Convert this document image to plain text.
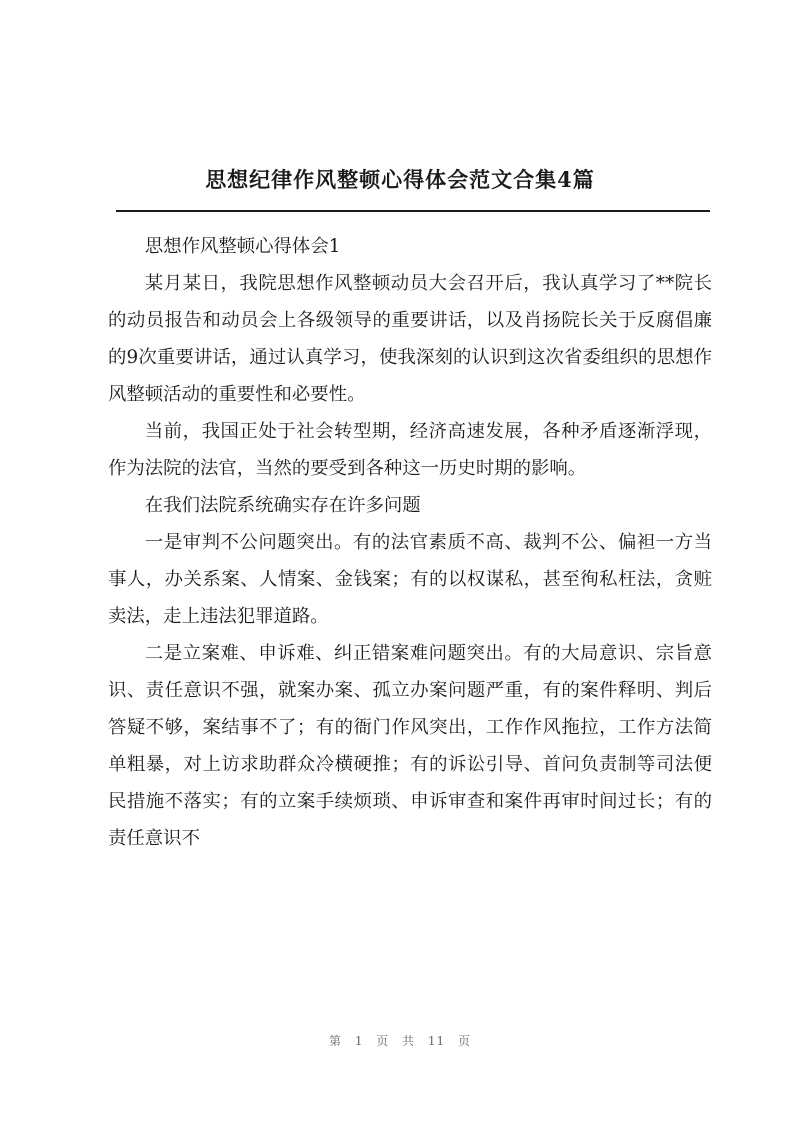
思想纪律作风整顿心得体会范文合集4篇

思想作风整顿心得体会1

某月某日，我院思想作风整顿动员大会召开后，我认真学习了**院长的动员报告和动员会上各级领导的重要讲话，以及肖扬院长关于反腐倡廉的9次重要讲话，通过认真学习，使我深刻的认识到这次省委组织的思想作风整顿活动的重要性和必要性。

当前，我国正处于社会转型期，经济高速发展，各种矛盾逐渐浮现，作为法院的法官，当然的要受到各种这一历史时期的影响。

在我们法院系统确实存在许多问题

一是审判不公问题突出。有的法官素质不高、裁判不公、偏袒一方当事人，办关系案、人情案、金钱案；有的以权谋私，甚至徇私枉法，贪赃卖法，走上违法犯罪道路。

二是立案难、申诉难、纠正错案难问题突出。有的大局意识、宗旨意识、责任意识不强，就案办案、孤立办案问题严重，有的案件释明、判后答疑不够，案结事不了；有的衙门作风突出，工作作风拖拉，工作方法简单粗暴，对上访求助群众冷横硬推；有的诉讼引导、首问负责制等司法便 民措施不落实；有的立案手续烦琐、申诉审查和案件再审时间过长；有的责任意识不

第 1 页 共 11 页
